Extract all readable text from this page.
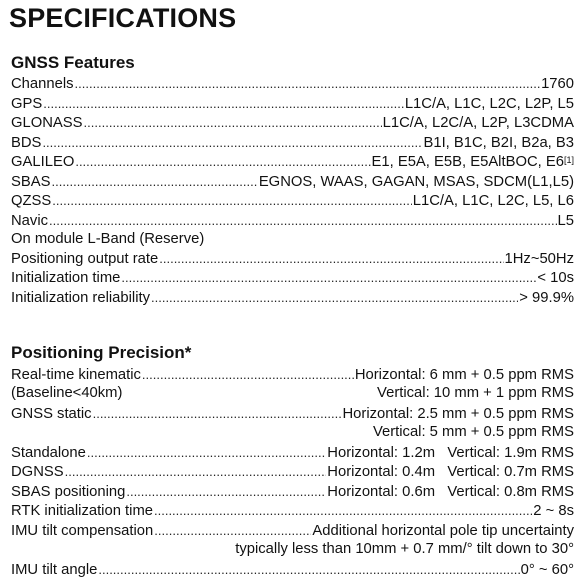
SPECIFICATIONS
GNSS Features
Channels .....	1760
GPS .....	L1C/A, L1C, L2C, L2P, L5
GLONASS .....	L1C/A, L2C/A, L2P, L3CDMA
BDS .....	B1I, B1C, B2I, B2a, B3
GALILEO .....	E1, E5A, E5B, E5AltBOC, E6[1]
SBAS .....	EGNOS, WAAS, GAGAN, MSAS, SDCM(L1,L5)
QZSS .....	L1C/A, L1C, L2C, L5, L6
Navic .....	L5
On module L-Band (Reserve)
Positioning output rate .....	1Hz~50Hz
Initialization time .....	< 10s
Initialization reliability .....	> 99.9%
Positioning Precision*
Real-time kinematic .....	Horizontal: 6 mm + 0.5 ppm RMS
(Baseline<40km)	Vertical: 10 mm + 1 ppm RMS
GNSS static .....	Horizontal: 2.5 mm + 0.5 ppm RMS
Vertical: 5 mm + 0.5 ppm RMS
Standalone .....	Horizontal: 1.2m   Vertical: 1.9m RMS
DGNSS .....	Horizontal: 0.4m   Vertical: 0.7m RMS
SBAS positioning .....	Horizontal: 0.6m   Vertical: 0.8m RMS
RTK initialization time .....	2 ~ 8s
IMU tilt compensation .....	Additional horizontal pole tip uncertainty
typically less than 10mm + 0.7 mm/° tilt down to 30°
IMU tilt angle .....	0° ~ 60°
